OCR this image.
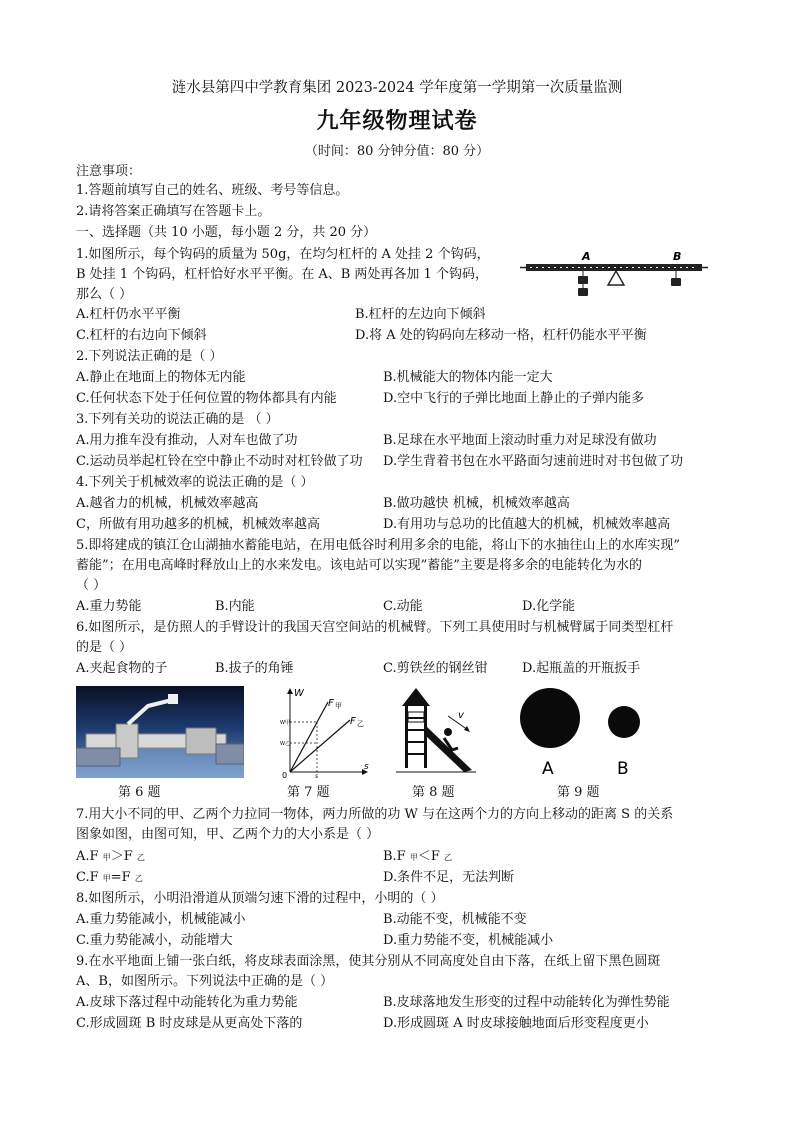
涟水县第四中学教育集团 2023-2024 学年度第一学期第一次质量监测
九年级物理试卷
（时间：80 分钟分值：80 分）
注意事项：
1.答题前填写自己的姓名、班级、考号等信息。
2.请将答案正确填写在答题卡上。
一、选择题（共 10 小题，每小题 2 分，共 20 分）
1.如图所示，每个钩码的质量为 50g，在均匀杠杆的 A 处挂 2 个钩码，
B 处挂 1 个钩码，杠杆恰好水平平衡。在 A、B 两处再各加 1 个钩码，
那么（ ）
A	B
A.杠杆仍水平平衡	B.杠杆的左边向下倾斜
C.杠杆的右边向下倾斜	D.将 A 处的钩码向左移动一格，杠杆仍能水平平衡
2.下列说法正确的是（ ）
A.静止在地面上的物体无内能	B.机械能大的物体内能一定大
C.任何状态下处于任何位置的物体都具有内能	D.空中飞行的子弹比地面上静止的子弹内能多
3.下列有关功的说法正确的是 （ ）
A.用力推车没有推动，人对车也做了功	B.足球在水平地面上滚动时重力对足球没有做功
C.运动员举起杠铃在空中静止不动时对杠铃做了功 D.学生背着书包在水平路面匀速前进时对书包做了功
4.下列关于机械效率的说法正确的是（ ）
A.越省力的机械，机械效率越高	B.做功越快 机械，机械效率越高
C，所做有用功越多的机械，机械效率越高	D.有用功与总功的比值越大的机械，机械效率越高
5.即将建成的镇江仓山湖抽水蓄能电站，在用电低谷时利用多余的电能，将山下的水抽往山上的水库实现”
蓄能”；在用电高峰时释放山上的水来发电。该电站可以实现”蓄能”主要是将多余的电能转化为水的
（ ）
A.重力势能	B.内能	C.动能	D.化学能
6.如图所示，是仿照人的手臂设计的我国天宫空间站的机械臂。下列工具使用时与机械臂属于同类型杠杆
的是（ ）
A.夹起食物的子	B.拔子的角锤	C.剪铁丝的钢丝钳	D.起瓶盖的开瓶扳手
W
F 甲
F 乙
W甲
W乙
s
s
0
v
A	B
第 6 题	第 7 题	第 8 题	第 9 题
7.用大小不同的甲、乙两个力拉同一物体，两力所做的功 W 与在这两个力的方向上移动的距离 S 的关系
图象如图，由图可知，甲、乙两个力的大小系是（ ）
A.F 甲＞F 乙	B.F 甲＜F 乙
C.F 甲=F 乙	D.条件不足，无法判断
8.如图所示，小明沿滑道从顶端匀速下滑的过程中，小明的（ ）
A.重力势能减小，机械能减小	B.动能不变，机械能不变
C.重力势能减小，动能增大	D.重力势能不变，机械能减小
9.在水平地面上铺一张白纸，将皮球表面涂黑，使其分别从不同高度处自由下落，在纸上留下黑色圆斑
A、B，如图所示。下列说法中正确的是（ ）
A.皮球下落过程中动能转化为重力势能	B.皮球落地发生形变的过程中动能转化为弹性势能
C.形成圆斑 B 时皮球是从更高处下落的	D.形成圆斑 A 时皮球接触地面后形变程度更小
